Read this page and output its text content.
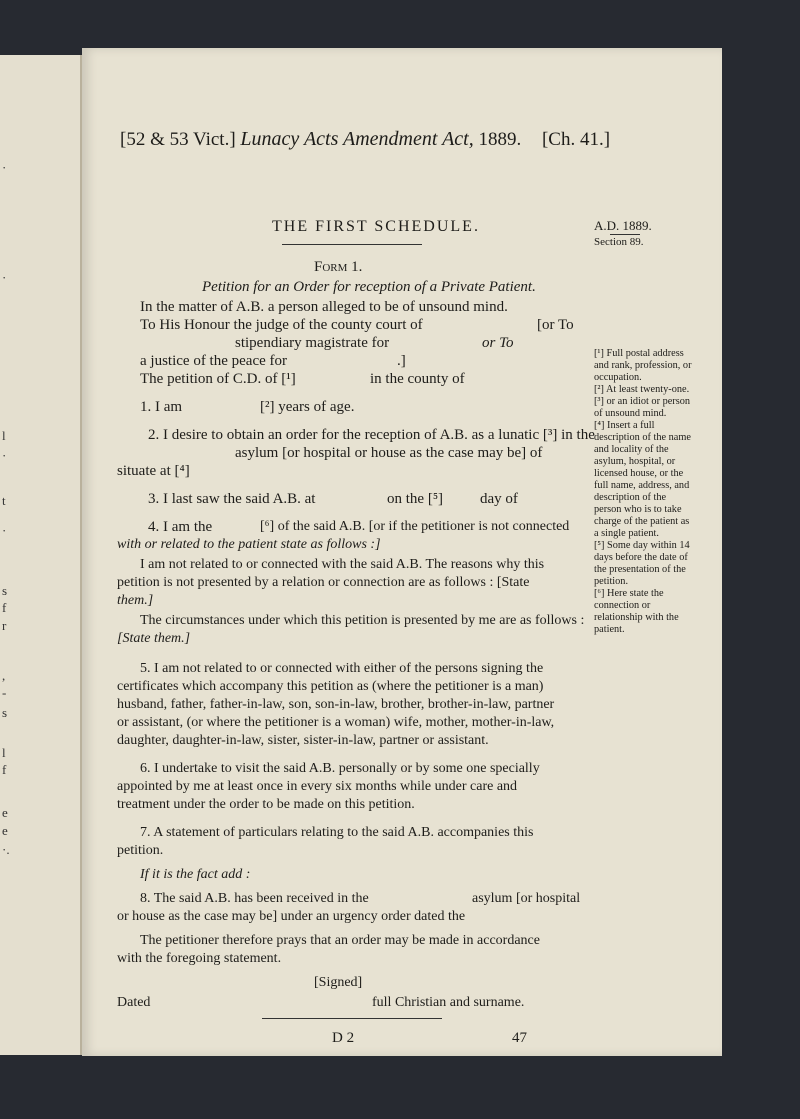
·
·
l
·
t
·
s
f
r
,
-
s
l
f
e
e
·.
[52 & 53 Vict.] Lunacy Acts Amendment Act, 1889. [Ch. 41.]
THE FIRST SCHEDULE.	A.D. 1889.
Section 89.
Form 1.
Petition for an Order for reception of a Private Patient.
In the matter of A.B. a person alleged to be of unsound mind.
To His Honour the judge of the county court of	[or To
stipendiary magistrate for	or To
a justice of the peace for	.]
The petition of C.D. of [¹]	in the county of
1. I am	[²] years of age.
2. I desire to obtain an order for the reception of A.B. as a lunatic [³] in the
asylum [or hospital or house as the case may be] of
situate at [⁴]
3. I last saw the said A.B. at	on the [⁵] day of
4. I am the	[⁶] of the said A.B. [or if the petitioner is not connected
with or related to the patient state as follows :]
I am not related to or connected with the said A.B. The reasons why this
petition is not presented by a relation or connection are as follows : [State
them.]
The circumstances under which this petition is presented by me are as follows :
[State them.]
5. I am not related to or connected with either of the persons signing the
certificates which accompany this petition as (where the petitioner is a man)
husband, father, father-in-law, son, son-in-law, brother, brother-in-law, partner
or assistant, (or where the petitioner is a woman) wife, mother, mother-in-law,
daughter, daughter-in-law, sister, sister-in-law, partner or assistant.
6. I undertake to visit the said A.B. personally or by some one specially
appointed by me at least once in every six months while under care and
treatment under the order to be made on this petition.
7. A statement of particulars relating to the said A.B. accompanies this
petition.
If it is the fact add :
8. The said A.B. has been received in the	asylum [or hospital
or house as the case may be] under an urgency order dated the
The petitioner therefore prays that an order may be made in accordance
with the foregoing statement.
[Signed]
Dated	full Christian and surname.
[¹] Full postal address and rank, profession, or occupation.
[²] At least twenty-one.
[³] or an idiot or person of unsound mind.
[⁴] Insert a full description of the name and locality of the asylum, hospital, or licensed house, or the full name, address, and description of the person who is to take charge of the patient as a single patient.
[⁵] Some day within 14 days before the date of the presentation of the petition.
[⁶] Here state the connection or relationship with the patient.
D 2	47
